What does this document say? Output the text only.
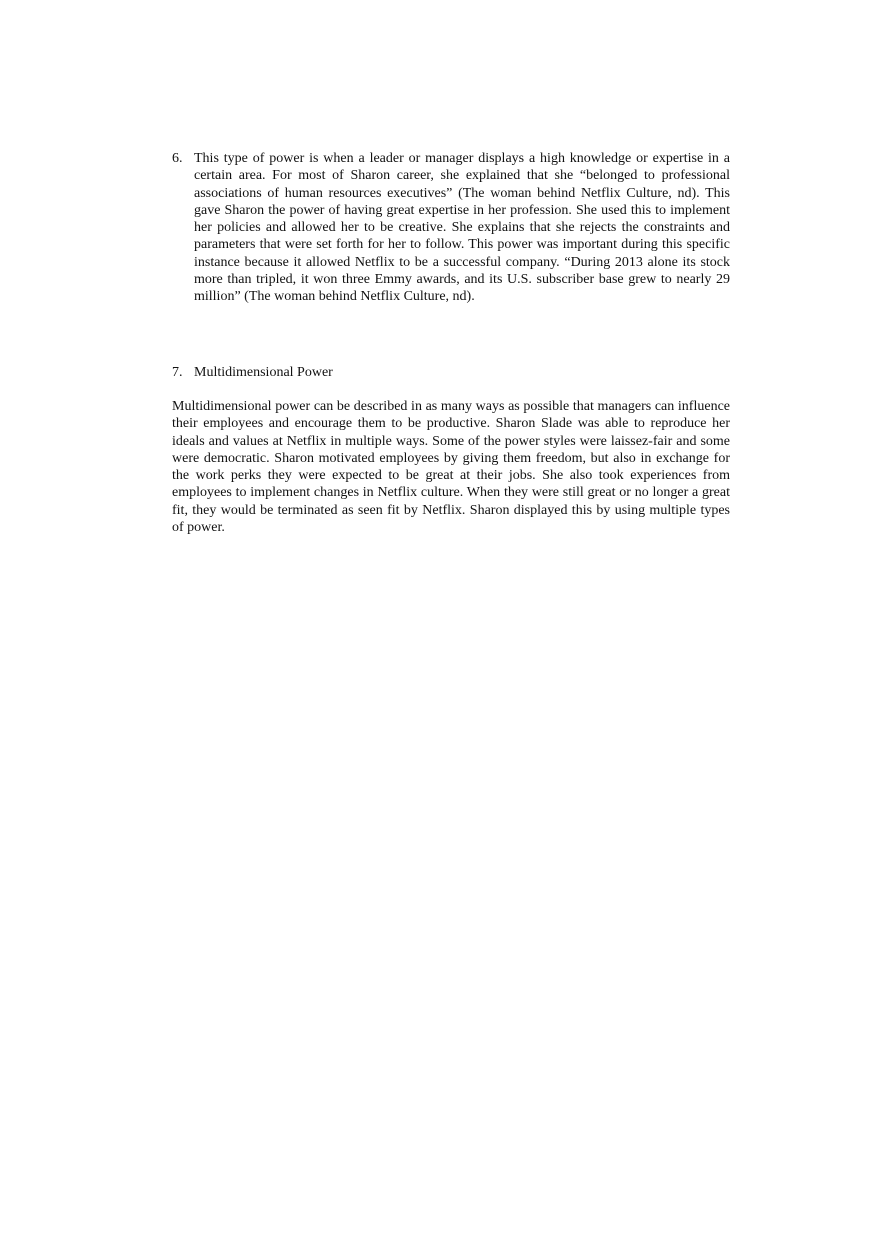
6. This type of power is when a leader or manager displays a high knowledge or expertise in a certain area. For most of Sharon career, she explained that she “belonged to professional associations of human resources executives” (The woman behind Netflix Culture, nd). This gave Sharon the power of having great expertise in her profession. She used this to implement her policies and allowed her to be creative. She explains that she rejects the constraints and parameters that were set forth for her to follow. This power was important during this specific instance because it allowed Netflix to be a successful company. “During 2013 alone its stock more than tripled, it won three Emmy awards, and its U.S. subscriber base grew to nearly 29 million” (The woman behind Netflix Culture, nd).
7. Multidimensional Power
Multidimensional power can be described in as many ways as possible that managers can influence their employees and encourage them to be productive. Sharon Slade was able to reproduce her ideals and values at Netflix in multiple ways. Some of the power styles were laissez-fair and some were democratic. Sharon motivated employees by giving them freedom, but also in exchange for the work perks they were expected to be great at their jobs. She also took experiences from employees to implement changes in Netflix culture. When they were still great or no longer a great fit, they would be terminated as seen fit by Netflix. Sharon displayed this by using multiple types of power.
